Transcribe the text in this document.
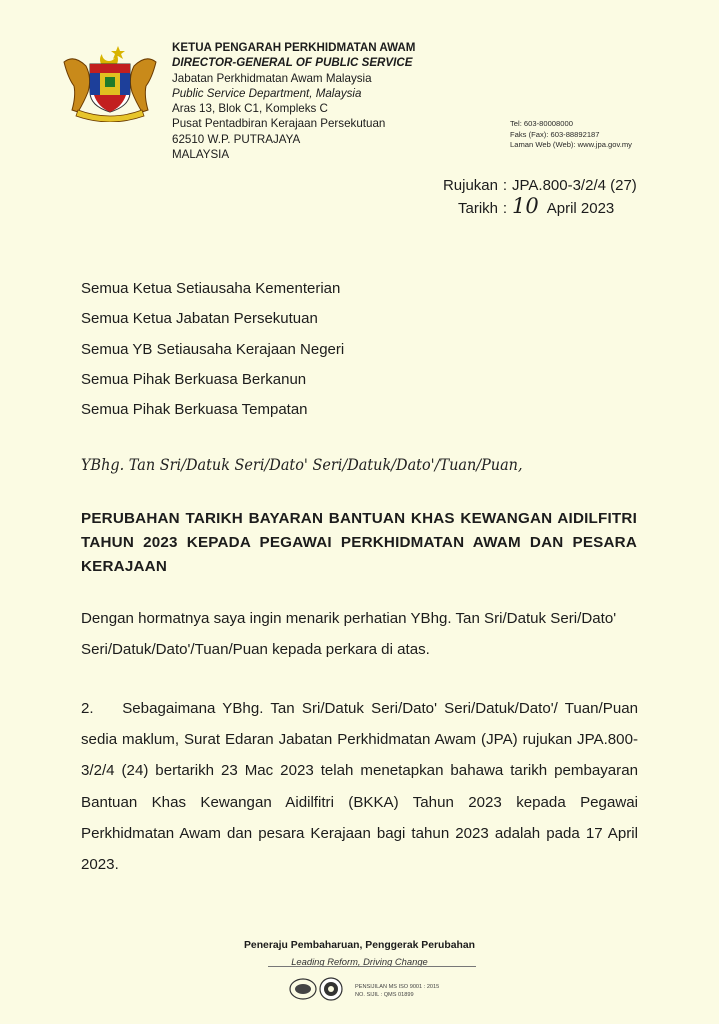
KETUA PENGARAH PERKHIDMATAN AWAM
DIRECTOR-GENERAL OF PUBLIC SERVICE
Jabatan Perkhidmatan Awam Malaysia
Public Service Department, Malaysia
Aras 13, Blok C1, Kompleks C
Pusat Pentadbiran Kerajaan Persekutuan
62510 W.P. PUTRAJAYA
MALAYSIA
Tel: 603-80008000
Faks (Fax): 603-88892187
Laman Web (Web): www.jpa.gov.my
Rujukan : JPA.800-3/2/4 (27)
Tarikh : 10 April 2023
Semua Ketua Setiausaha Kementerian
Semua Ketua Jabatan Persekutuan
Semua YB Setiausaha Kerajaan Negeri
Semua Pihak Berkuasa Berkanun
Semua Pihak Berkuasa Tempatan
YBhg. Tan Sri/Datuk Seri/Dato' Seri/Datuk/Dato'/Tuan/Puan,
PERUBAHAN TARIKH BAYARAN BANTUAN KHAS KEWANGAN AIDILFITRI TAHUN 2023 KEPADA PEGAWAI PERKHIDMATAN AWAM DAN PESARA KERAJAAN
Dengan hormatnya saya ingin menarik perhatian YBhg. Tan Sri/Datuk Seri/Dato' Seri/Datuk/Dato'/Tuan/Puan kepada perkara di atas.
2. Sebagaimana YBhg. Tan Sri/Datuk Seri/Dato' Seri/Datuk/Dato'/ Tuan/Puan sedia maklum, Surat Edaran Jabatan Perkhidmatan Awam (JPA) rujukan JPA.800-3/2/4 (24) bertarikh 23 Mac 2023 telah menetapkan bahawa tarikh pembayaran Bantuan Khas Kewangan Aidilfitri (BKKA) Tahun 2023 kepada Pegawai Perkhidmatan Awam dan pesara Kerajaan bagi tahun 2023 adalah pada 17 April 2023.
Peneraju Pembaharuan, Penggerak Perubahan
Leading Reform, Driving Change
PENSIJILAN MS ISO 9001 : 2015
NO. SIJIL : QMS 01899
